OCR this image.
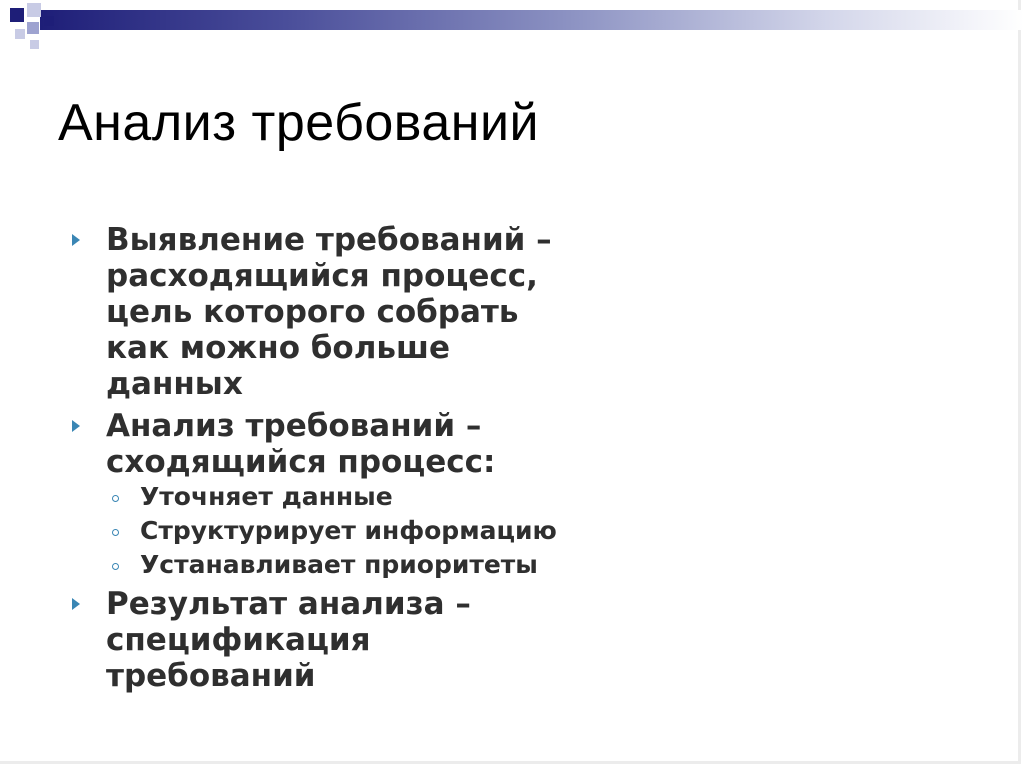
Анализ требований
Выявление требований –
расходящийся процесс,
цель которого собрать
как можно больше
данных
Анализ требований –
сходящийся процесс:
Уточняет данные
Структурирует информацию
Устанавливает приоритеты
Результат анализа –
спецификация
требований
